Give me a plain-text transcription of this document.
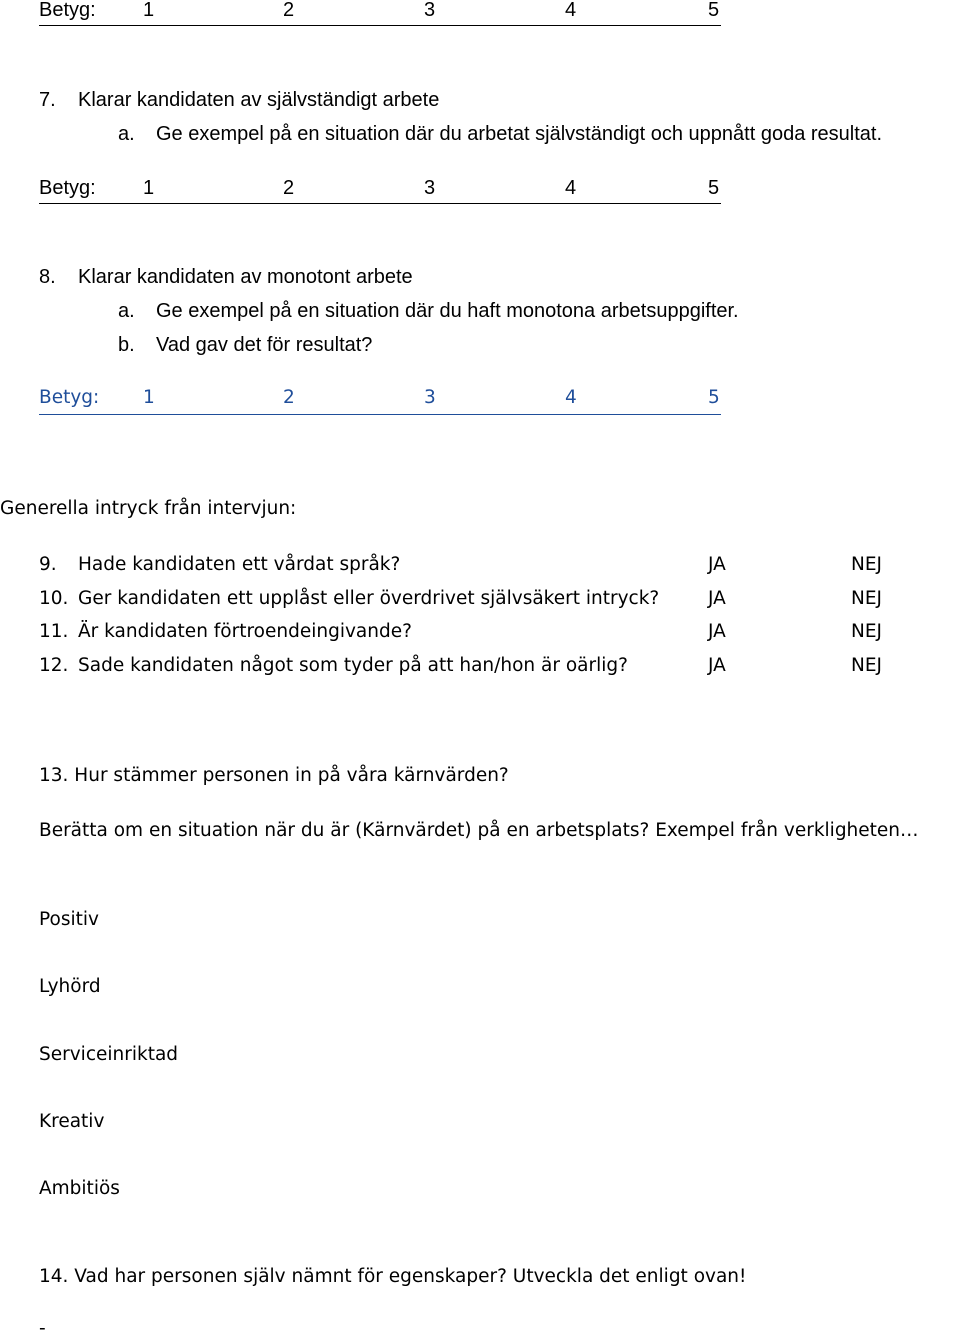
Betyg: 1	2	3	4	5
7. Klarar kandidaten av självständigt arbete
a. Ge exempel på en situation där du arbetat självständigt och uppnått goda resultat.
Betyg: 1	2	3	4	5
8. Klarar kandidaten av monotont arbete
a. Ge exempel på en situation där du haft monotona arbetsuppgifter.
b. Vad gav det för resultat?
Betyg: 1	2	3	4	5
Generella intryck från intervjun:
9. Hade kandidaten ett vårdat språk?	JA	NEJ
10. Ger kandidaten ett upplåst eller överdrivet självsäkert intryck?	JA	NEJ
11. Är kandidaten förtroendeingivande?	JA	NEJ
12. Sade kandidaten något som tyder på att han/hon är oärlig?	JA	NEJ
13. Hur stämmer personen in på våra kärnvärden?
Berätta om en situation när du är (Kärnvärdet) på en arbetsplats? Exempel från verkligheten…
Positiv
Lyhörd
Serviceinriktad
Kreativ
Ambitiös
14. Vad har personen själv nämnt för egenskaper? Utveckla det enligt ovan!
-
